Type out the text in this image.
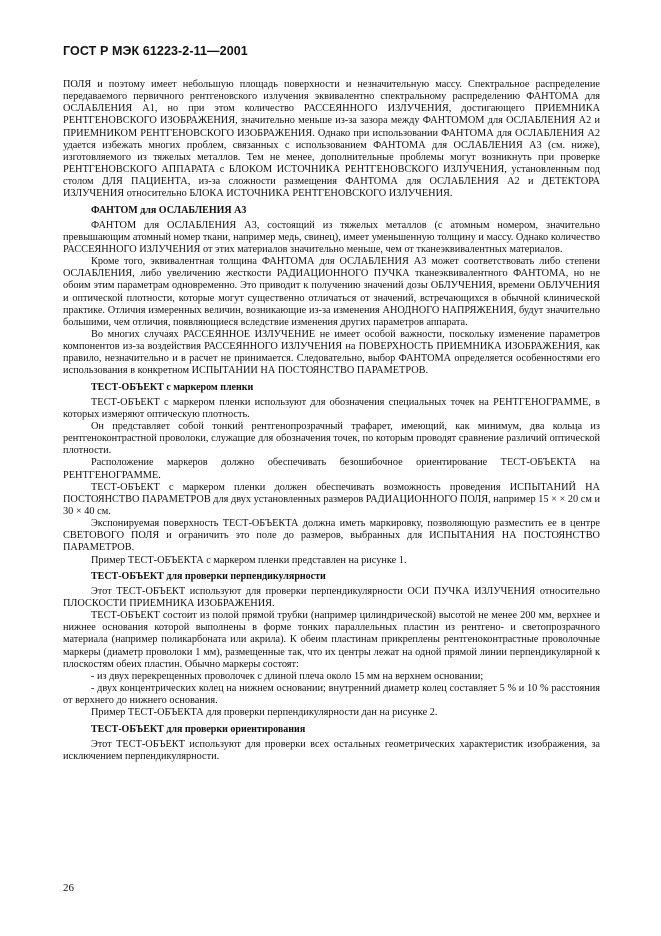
ГОСТ Р МЭК 61223-2-11—2001

ПОЛЯ и поэтому имеет небольшую площадь поверхности и незначительную массу. Спектральное распределение передаваемого первичного рентгеновского излучения эквивалентно спектральному распределению ФАНТОМА для ОСЛАБЛЕНИЯ А1, но при этом количество РАССЕЯННОГО ИЗЛУЧЕНИЯ, достигающего ПРИЕМНИКА РЕНТГЕНОВСКОГО ИЗОБРАЖЕНИЯ, значительно меньше из-за зазора между ФАНТОМОМ для ОСЛАБЛЕНИЯ А2 и ПРИЕМНИКОМ РЕНТГЕНОВСКОГО ИЗОБРАЖЕНИЯ. Однако при использовании ФАНТОМА для ОСЛАБЛЕНИЯ А2 удается избежать многих проблем, связанных с использованием ФАНТОМА для ОСЛАБЛЕНИЯ А3 (см. ниже), изготовляемого из тяжелых металлов. Тем не менее, дополнительные проблемы могут возникнуть при проверке РЕНТГЕНОВСКОГО АППАРАТА с БЛОКОМ ИСТОЧНИКА РЕНТГЕНОВСКОГО ИЗЛУЧЕНИЯ, установленным под столом ДЛЯ ПАЦИЕНТА, из-за сложности размещения ФАНТОМА для ОСЛАБЛЕНИЯ А2 и ДЕТЕКТОРА ИЗЛУЧЕНИЯ относительно БЛОКА ИСТОЧНИКА РЕНТГЕНОВСКОГО ИЗЛУЧЕНИЯ.

ФАНТОМ для ОСЛАБЛЕНИЯ А3

ФАНТОМ для ОСЛАБЛЕНИЯ А3, состоящий из тяжелых металлов (с атомным номером, значительно превышающим атомный номер ткани, например медь, свинец), имеет уменьшенную толщину и массу. Однако количество РАССЕЯННОГО ИЗЛУЧЕНИЯ от этих материалов значительно меньше, чем от тканеэквивалентных материалов.

Кроме того, эквивалентная толщина ФАНТОМА для ОСЛАБЛЕНИЯ А3 может соответствовать либо степени ОСЛАБЛЕНИЯ, либо увеличению жесткости РАДИАЦИОННОГО ПУЧКА тканеэквивалентного ФАНТОМА, но не обоим этим параметрам одновременно. Это приводит к получению значений дозы ОБЛУЧЕНИЯ, времени ОБЛУЧЕНИЯ и оптической плотности, которые могут существенно отличаться от значений, встречающихся в обычной клинической практике. Отличия измеренных величин, возникающие из-за изменения АНОДНОГО НАПРЯЖЕНИЯ, будут значительно большими, чем отличия, появляющиеся вследствие изменения других параметров аппарата.

Во многих случаях РАССЕЯННОЕ ИЗЛУЧЕНИЕ не имеет особой важности, поскольку изменение параметров компонентов из-за воздействия РАССЕЯННОГО ИЗЛУЧЕНИЯ на ПОВЕРХНОСТЬ ПРИЕМНИКА ИЗОБРАЖЕНИЯ, как правило, незначительно и в расчет не принимается. Следовательно, выбор ФАНТОМА определяется особенностями его использования в конкретном ИСПЫТАНИИ НА ПОСТОЯНСТВО ПАРАМЕТРОВ.

ТЕСТ-ОБЪЕКТ с маркером пленки

ТЕСТ-ОБЪЕКТ с маркером пленки используют для обозначения специальных точек на РЕНТГЕНОГРАММЕ, в которых измеряют оптическую плотность.

Он представляет собой тонкий рентгенопрозрачный трафарет, имеющий, как минимум, два кольца из рентгеноконтрастной проволоки, служащие для обозначения точек, по которым проводят сравнение различий оптической плотности.

Расположение маркеров должно обеспечивать безошибочное ориентирование ТЕСТ-ОБЪЕКТА на РЕНТГЕНОГРАММЕ.

ТЕСТ-ОБЪЕКТ с маркером пленки должен обеспечивать возможность проведения ИСПЫТАНИЙ НА ПОСТОЯНСТВО ПАРАМЕТРОВ для двух установленных размеров РАДИАЦИОННОГО ПОЛЯ, например 15 × × 20 см и 30 × 40 см.

Экспонируемая поверхность ТЕСТ-ОБЪЕКТА должна иметь маркировку, позволяющую разместить ее в центре СВЕТОВОГО ПОЛЯ и ограничить это поле до размеров, выбранных для ИСПЫТАНИЯ НА ПОСТОЯНСТВО ПАРАМЕТРОВ.

Пример ТЕСТ-ОБЪЕКТА с маркером пленки представлен на рисунке 1.

ТЕСТ-ОБЪЕКТ для проверки перпендикулярности

Этот ТЕСТ-ОБЪЕКТ используют для проверки перпендикулярности ОСИ ПУЧКА ИЗЛУЧЕНИЯ относительно ПЛОСКОСТИ ПРИЕМНИКА ИЗОБРАЖЕНИЯ.

ТЕСТ-ОБЪЕКТ состоит из полой прямой трубки (например цилиндрической) высотой не менее 200 мм, верхнее и нижнее основания которой выполнены в форме тонких параллельных пластин из рентгено- и светопрозрачного материала (например поликарбоната или акрила). К обеим пластинам прикреплены рентгеноконтрастные проволочные маркеры (диаметр проволоки 1 мм), размещенные так, что их центры лежат на одной прямой линии перпендикулярной к плоскостям обеих пластин. Обычно маркеры состоят:

- из двух перекрещенных проволочек с длиной плеча около 15 мм на верхнем основании;
- двух концентрических колец на нижнем основании; внутренний диаметр колец составляет 5 % и 10 % расстояния от верхнего до нижнего основания.

Пример ТЕСТ-ОБЪЕКТА для проверки перпендикулярности дан на рисунке 2.

ТЕСТ-ОБЪЕКТ для проверки ориентирования

Этот ТЕСТ-ОБЪЕКТ используют для проверки всех остальных геометрических характеристик изображения, за исключением перпендикулярности.

26
